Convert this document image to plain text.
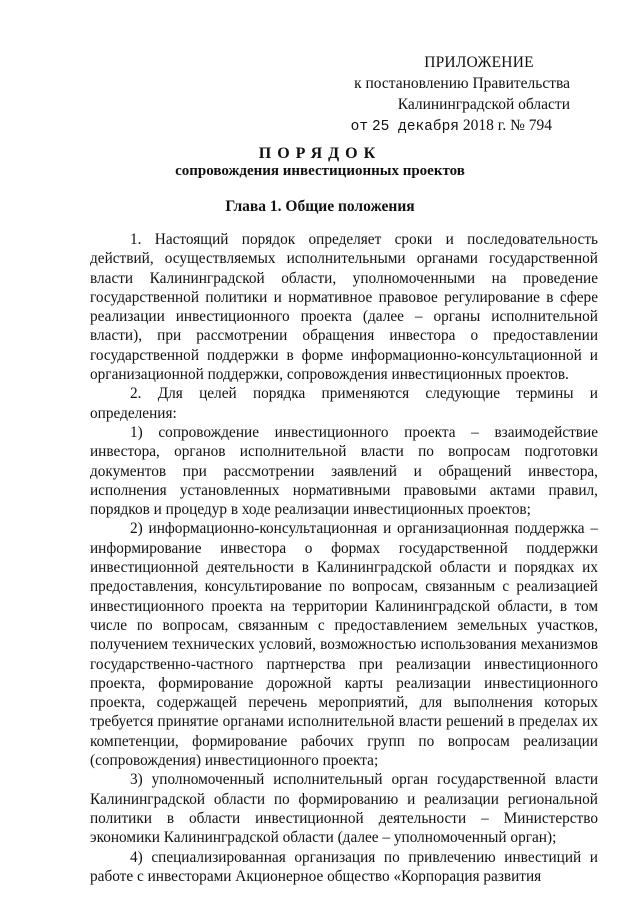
ПРИЛОЖЕНИЕ
к постановлению Правительства
Калининградской области
от 25 декабря 2018 г. № 794
ПОРЯДОК
сопровождения инвестиционных проектов
Глава 1. Общие положения

1. Настоящий порядок определяет сроки и последовательность действий, осуществляемых исполнительными органами государственной власти Калининградской области, уполномоченными на проведение государственной политики и нормативное правовое регулирование в сфере реализации инвестиционного проекта (далее – органы исполнительной власти), при рассмотрении обращения инвестора о предоставлении государственной поддержки в форме информационно-консультационной и организационной поддержки, сопровождения инвестиционных проектов.

2. Для целей порядка применяются следующие термины и определения:

1) сопровождение инвестиционного проекта – взаимодействие инвестора, органов исполнительной власти по вопросам подготовки документов при рассмотрении заявлений и обращений инвестора, исполнения установленных нормативными правовыми актами правил, порядков и процедур в ходе реализации инвестиционных проектов;

2) информационно-консультационная и организационная поддержка – информирование инвестора о формах государственной поддержки инвестиционной деятельности в Калининградской области и порядках их предоставления, консультирование по вопросам, связанным с реализацией инвестиционного проекта на территории Калининградской области, в том числе по вопросам, связанным с предоставлением земельных участков, получением технических условий, возможностью использования механизмов государственно-частного партнерства при реализации инвестиционного проекта, формирование дорожной карты реализации инвестиционного проекта, содержащей перечень мероприятий, для выполнения которых требуется принятие органами исполнительной власти решений в пределах их компетенции, формирование рабочих групп по вопросам реализации (сопровождения) инвестиционного проекта;

3) уполномоченный исполнительный орган государственной власти Калининградской области по формированию и реализации региональной политики в области инвестиционной деятельности – Министерство экономики Калининградской области (далее – уполномоченный орган);

4) специализированная организация по привлечению инвестиций и работе с инвесторами Акционерное общество «Корпорация развития
